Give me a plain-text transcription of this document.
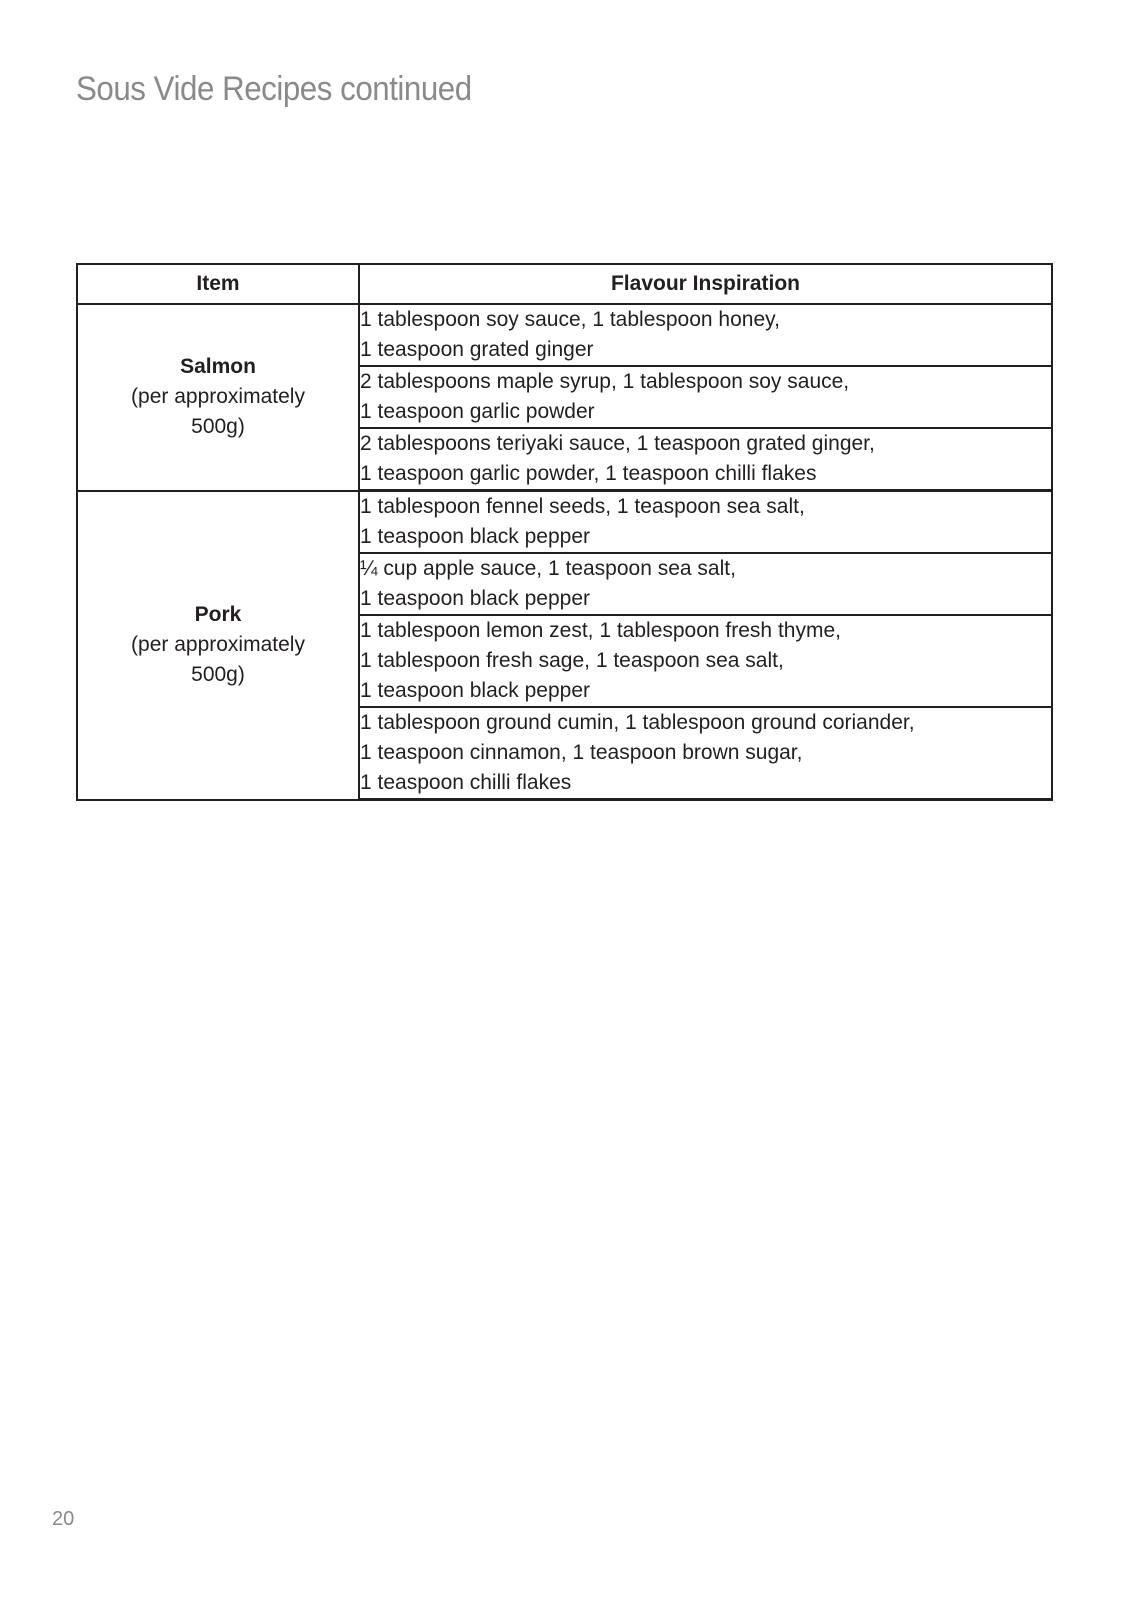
Sous Vide Recipes continued
Item	Flavour Inspiration

Salmon
(per approximately
500g)	1 tablespoon soy sauce, 1 tablespoon honey,
1 teaspoon grated ginger

	2 tablespoons maple syrup, 1 tablespoon soy sauce,
1 teaspoon garlic powder

	2 tablespoons teriyaki sauce, 1 teaspoon grated ginger,
1 teaspoon garlic powder, 1 teaspoon chilli flakes

Pork
(per approximately
500g)	1 tablespoon fennel seeds, 1 teaspoon sea salt,
1 teaspoon black pepper

	¼ cup apple sauce, 1 teaspoon sea salt,
1 teaspoon black pepper

	1 tablespoon lemon zest, 1 tablespoon fresh thyme,
1 tablespoon fresh sage, 1 teaspoon sea salt,
1 teaspoon black pepper

	1 tablespoon ground cumin, 1 tablespoon ground coriander,
1 teaspoon cinnamon, 1 teaspoon brown sugar,
1 teaspoon chilli flakes
20
